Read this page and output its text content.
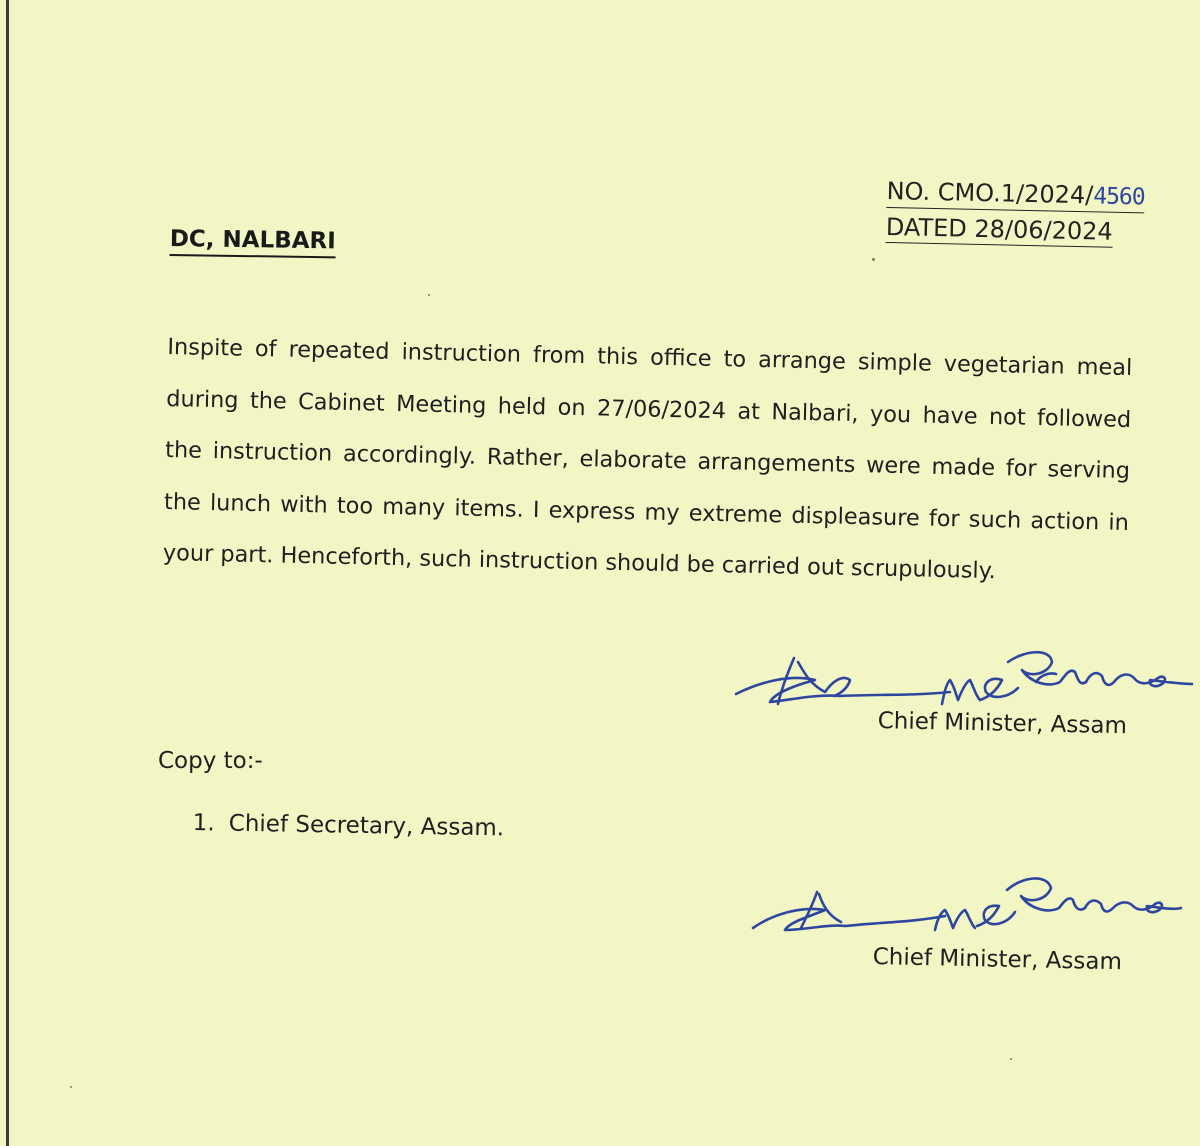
NO. CMO.1/2024/4560
DATED 28/06/2024
DC, NALBARI
Inspite of repeated instruction from this office to arrange simple vegetarian meal
during the Cabinet Meeting held on 27/06/2024 at Nalbari, you have not followed
the instruction accordingly. Rather, elaborate arrangements were made for serving
the lunch with too many items. I express my extreme displeasure for such action in
your part. Henceforth, such instruction should be carried out scrupulously.
Chief Minister, Assam
Copy to:-
1. Chief Secretary, Assam.
Chief Minister, Assam
